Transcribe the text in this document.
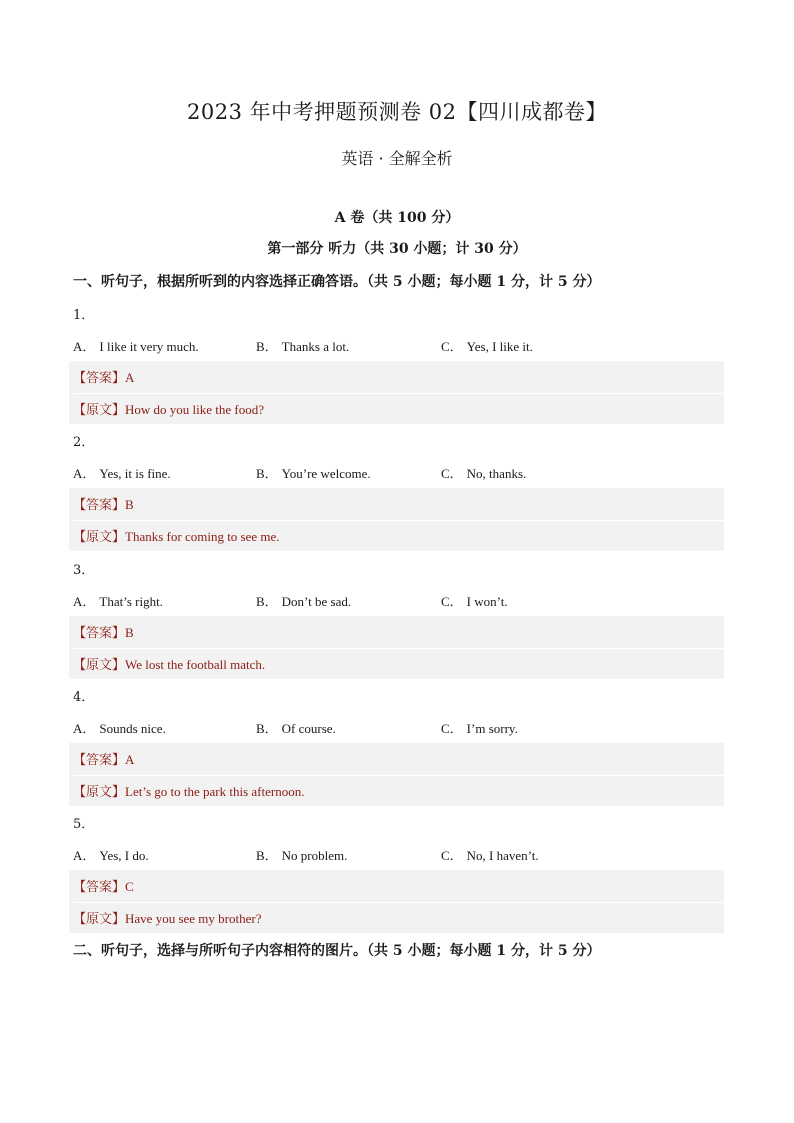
2023 年中考押题预测卷 02【四川成都卷】
英语 · 全解全析
A 卷（共 100 分）
第一部分 听力（共 30 小题；计 30 分）
一、听句子，根据所听到的内容选择正确答语。（共 5 小题；每小题 1 分，计 5 分）
1．
A． I like it very much.	B． Thanks a lot.	C． Yes, I like it.
【答案】A
【原文】How do you like the food?
2．
A． Yes, it is fine.	B． You’re welcome.	C． No, thanks.
【答案】B
【原文】Thanks for coming to see me.
3．
A． That’s right.	B． Don’t be sad.	C． I won’t.
【答案】B
【原文】We lost the football match.
4．
A． Sounds nice.	B． Of course.	C． I’m sorry.
【答案】A
【原文】Let’s go to the park this afternoon.
5．
A． Yes, I do.	B． No problem.	C． No, I haven’t.
【答案】C
【原文】Have you see my brother?
二、听句子，选择与所听句子内容相符的图片。（共 5 小题；每小题 1 分，计 5 分）
